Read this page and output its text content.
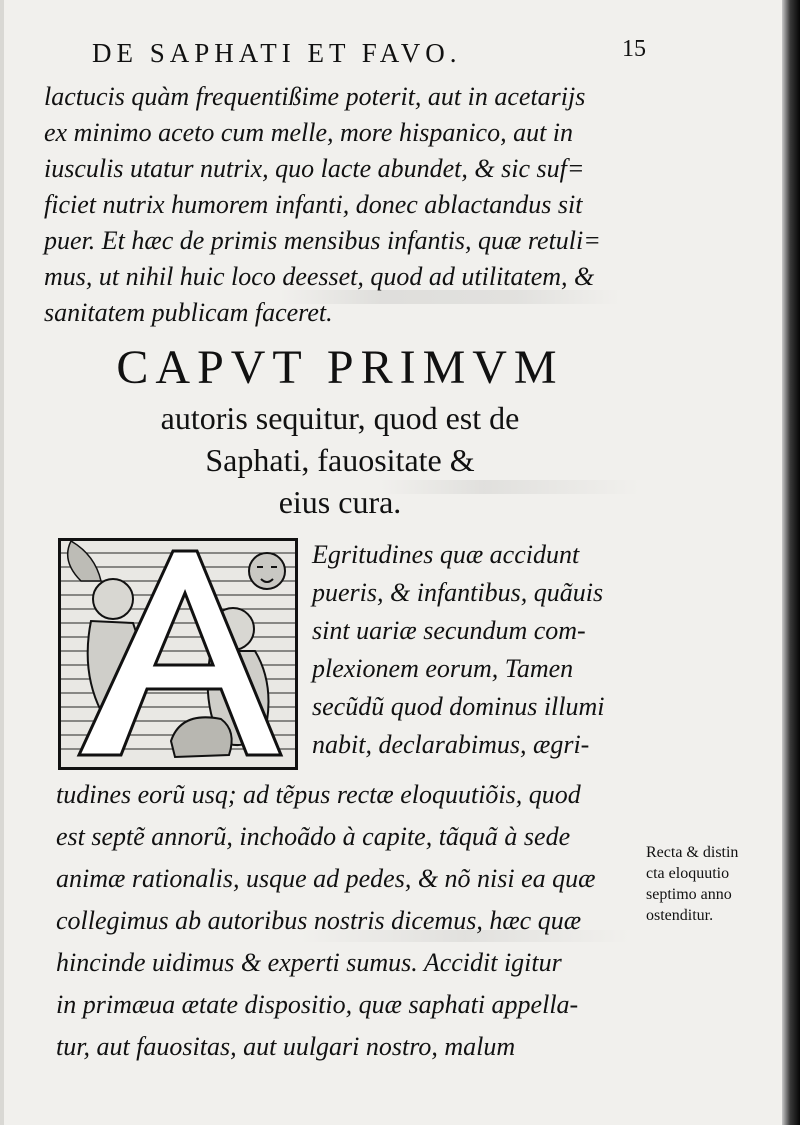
DE SAPHATI ET FAVO.	15
lactucis quàm frequentißime poterit, aut in acetarijs
ex minimo aceto cum melle, more hispanico, aut in
iusculis utatur nutrix, quo lacte abundet, & sic suf=
ficiet nutrix humorem infanti, donec ablactandus sit
puer. Et hæc de primis mensibus infantis, quæ retuli=
mus, ut nihil huic loco deesset, quod ad utilitatem, &
sanitatem publicam faceret.
CAPVT PRIMVM
autoris sequitur, quod est de
Saphati, fauositate &
eius cura.
Egritudines quæ accidunt
pueris, & infantibus, quãuis
sint uariæ secundum com-
plexionem eorum, Tamen
secũdũ quod dominus illumi
nabit, declarabimus, ægri-
tudines eorũ usq; ad tẽpus rectæ eloquutiõis, quod
est septẽ annorũ, inchoãdo à capite, tãquã à sede
animæ rationalis, usque ad pedes, & nõ nisi ea quæ
collegimus ab autoribus nostris dicemus, hæc quæ
hincinde uidimus & experti sumus. Accidit igitur
in primæua ætate dispositio, quæ saphati appella-
tur, aut fauositas, aut uulgari nostro, malum
Recta & distin
cta eloquutio
septimo anno
ostenditur.
